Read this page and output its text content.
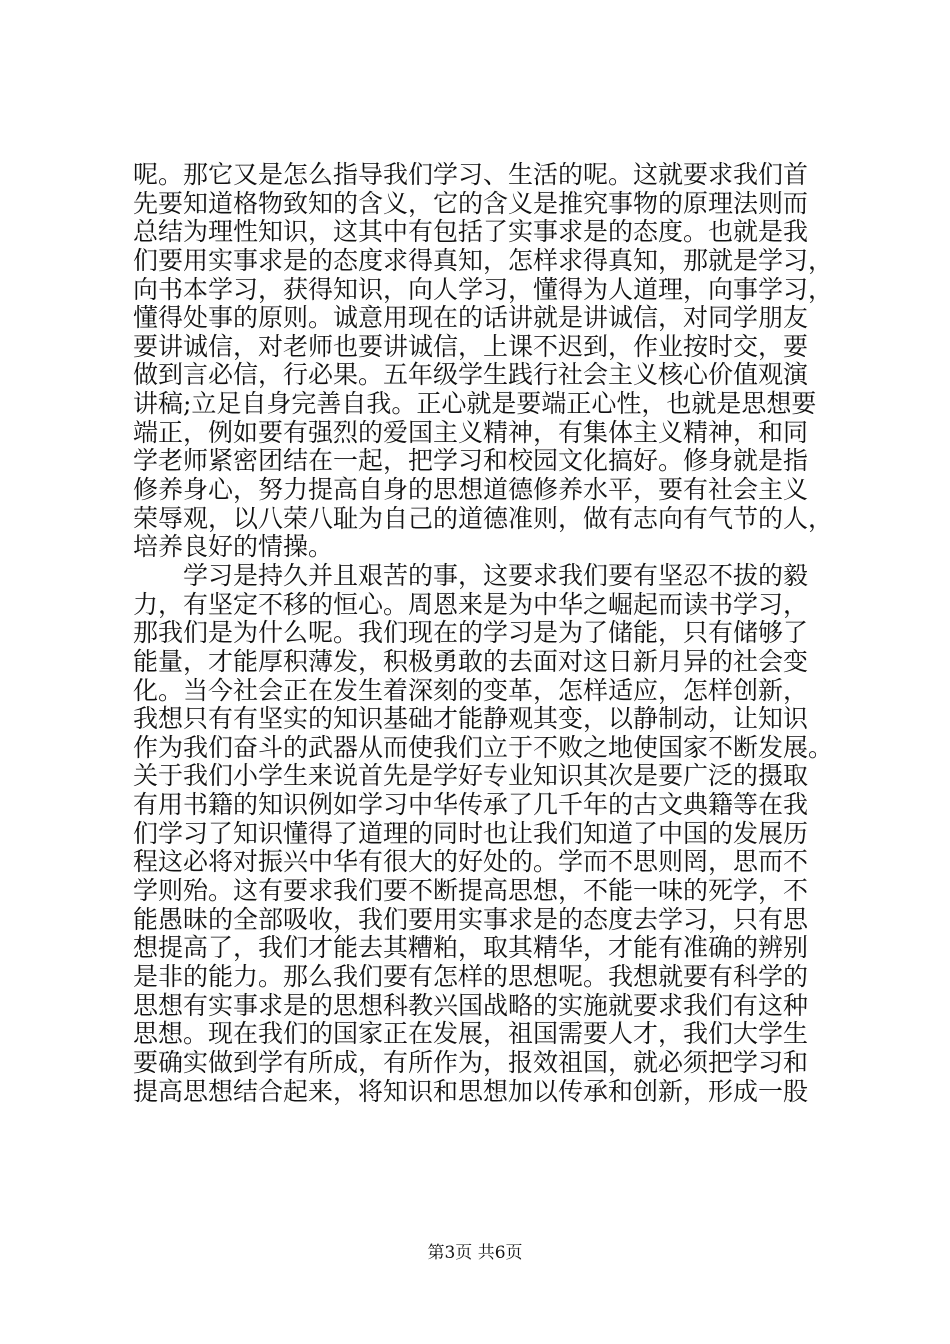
呢。那它又是怎么指导我们学习、生活的呢。这就要求我们首
先要知道格物致知的含义，它的含义是推究事物的原理法则而
总结为理性知识，这其中有包括了实事求是的态度。也就是我
们要用实事求是的态度求得真知，怎样求得真知，那就是学习，
向书本学习，获得知识，向人学习，懂得为人道理，向事学习，
懂得处事的原则。诚意用现在的话讲就是讲诚信，对同学朋友
要讲诚信，对老师也要讲诚信，上课不迟到，作业按时交，要
做到言必信，行必果。五年级学生践行社会主义核心价值观演
讲稿;立足自身完善自我。正心就是要端正心性，也就是思想要
端正，例如要有强烈的爱国主义精神，有集体主义精神，和同
学老师紧密团结在一起，把学习和校园文化搞好。修身就是指
修养身心，努力提高自身的思想道德修养水平，要有社会主义
荣辱观，以八荣八耻为自己的道德准则，做有志向有气节的人，
培养良好的情操。
　　学习是持久并且艰苦的事，这要求我们要有坚忍不拔的毅
力，有坚定不移的恒心。周恩来是为中华之崛起而读书学习，
那我们是为什么呢。我们现在的学习是为了储能，只有储够了
能量，才能厚积薄发，积极勇敢的去面对这日新月异的社会变
化。当今社会正在发生着深刻的变革，怎样适应，怎样创新，
我想只有有坚实的知识基础才能静观其变，以静制动，让知识
作为我们奋斗的武器从而使我们立于不败之地使国家不断发展。
关于我们小学生来说首先是学好专业知识其次是要广泛的摄取
有用书籍的知识例如学习中华传承了几千年的古文典籍等在我
们学习了知识懂得了道理的同时也让我们知道了中国的发展历
程这必将对振兴中华有很大的好处的。学而不思则罔，思而不
学则殆。这有要求我们要不断提高思想，不能一味的死学，不
能愚昧的全部吸收，我们要用实事求是的态度去学习，只有思
想提高了，我们才能去其糟粕，取其精华，才能有准确的辨别
是非的能力。那么我们要有怎样的思想呢。我想就要有科学的
思想有实事求是的思想科教兴国战略的实施就要求我们有这种
思想。现在我们的国家正在发展，祖国需要人才，我们大学生
要确实做到学有所成，有所作为，报效祖国，就必须把学习和
提高思想结合起来，将知识和思想加以传承和创新，形成一股
第3页 共6页
